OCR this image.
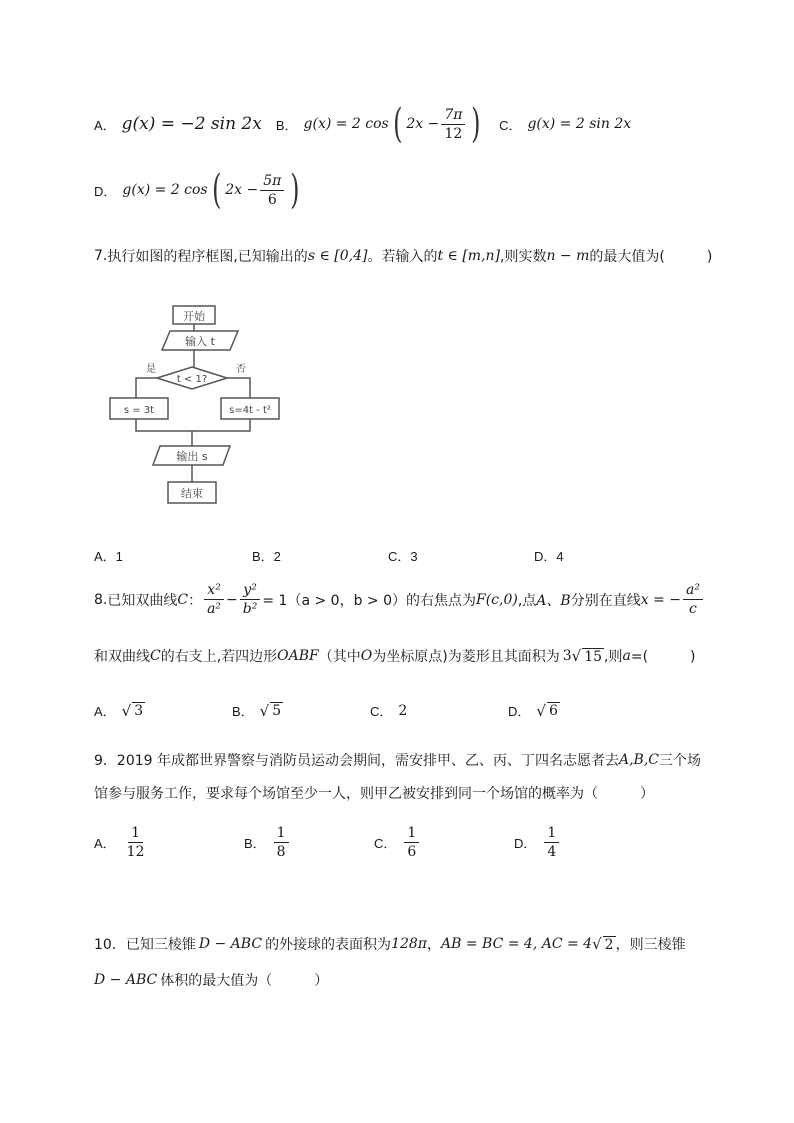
A． g(x) = −2 sin 2x B． g(x) = 2 cos ( $2x - \frac{7\pi}{12}$ ) C． g(x) = 2 sin 2x
D． g(x) = 2 cos ( $2x - \frac{5\pi}{6}$ )
7. 执行如图的程序框图,已知输出的 s ∈ [0,4] 。若输入的 t ∈ [m,n] ,则实数 n − m 的最大值为(　　　)
开始
输入 t
t < 1?
是	否
s = 3t	s=4t - t²
输出 s
结束
A．1	B．2	C．3	D．4
8. 已知双曲线 C ： $\frac{\text{x²}}{\text{a²}} - \frac{\text{y²}}{\text{b²}} = 1(a > 0$，b > 0）的右焦点为 F(c,0) ,点 A、B 分别在直线 x = − $\frac{\text{a²}}{c}$
和双曲线 C 的右支上,若四边形 OABF （其中 O 为坐标原点)为菱形且其面积为 3 √ 15 ,则 a =(　　　)
A． √ 3	B． √ 5	C． 2	D． √ 6
9．2019 年成都世界警察与消防员运动会期间，需安排甲、乙、丙、丁四名志愿者去 A,B,C 三个场
馆参与服务工作，要求每个场馆至少一人，则甲乙被安排到同一个场馆的概率为（　　　）
A． $\frac{1}{12}$	B． $\frac{1}{8}$	C． $\frac{1}{6}$	D． $\frac{1}{4}$
10．已知三棱锥 D − ABC 的外接球的表面积为 128π ， AB = BC = 4, AC = 4 √ 2 ，则三棱锥
D − ABC 体积的最大值为（　　　）
